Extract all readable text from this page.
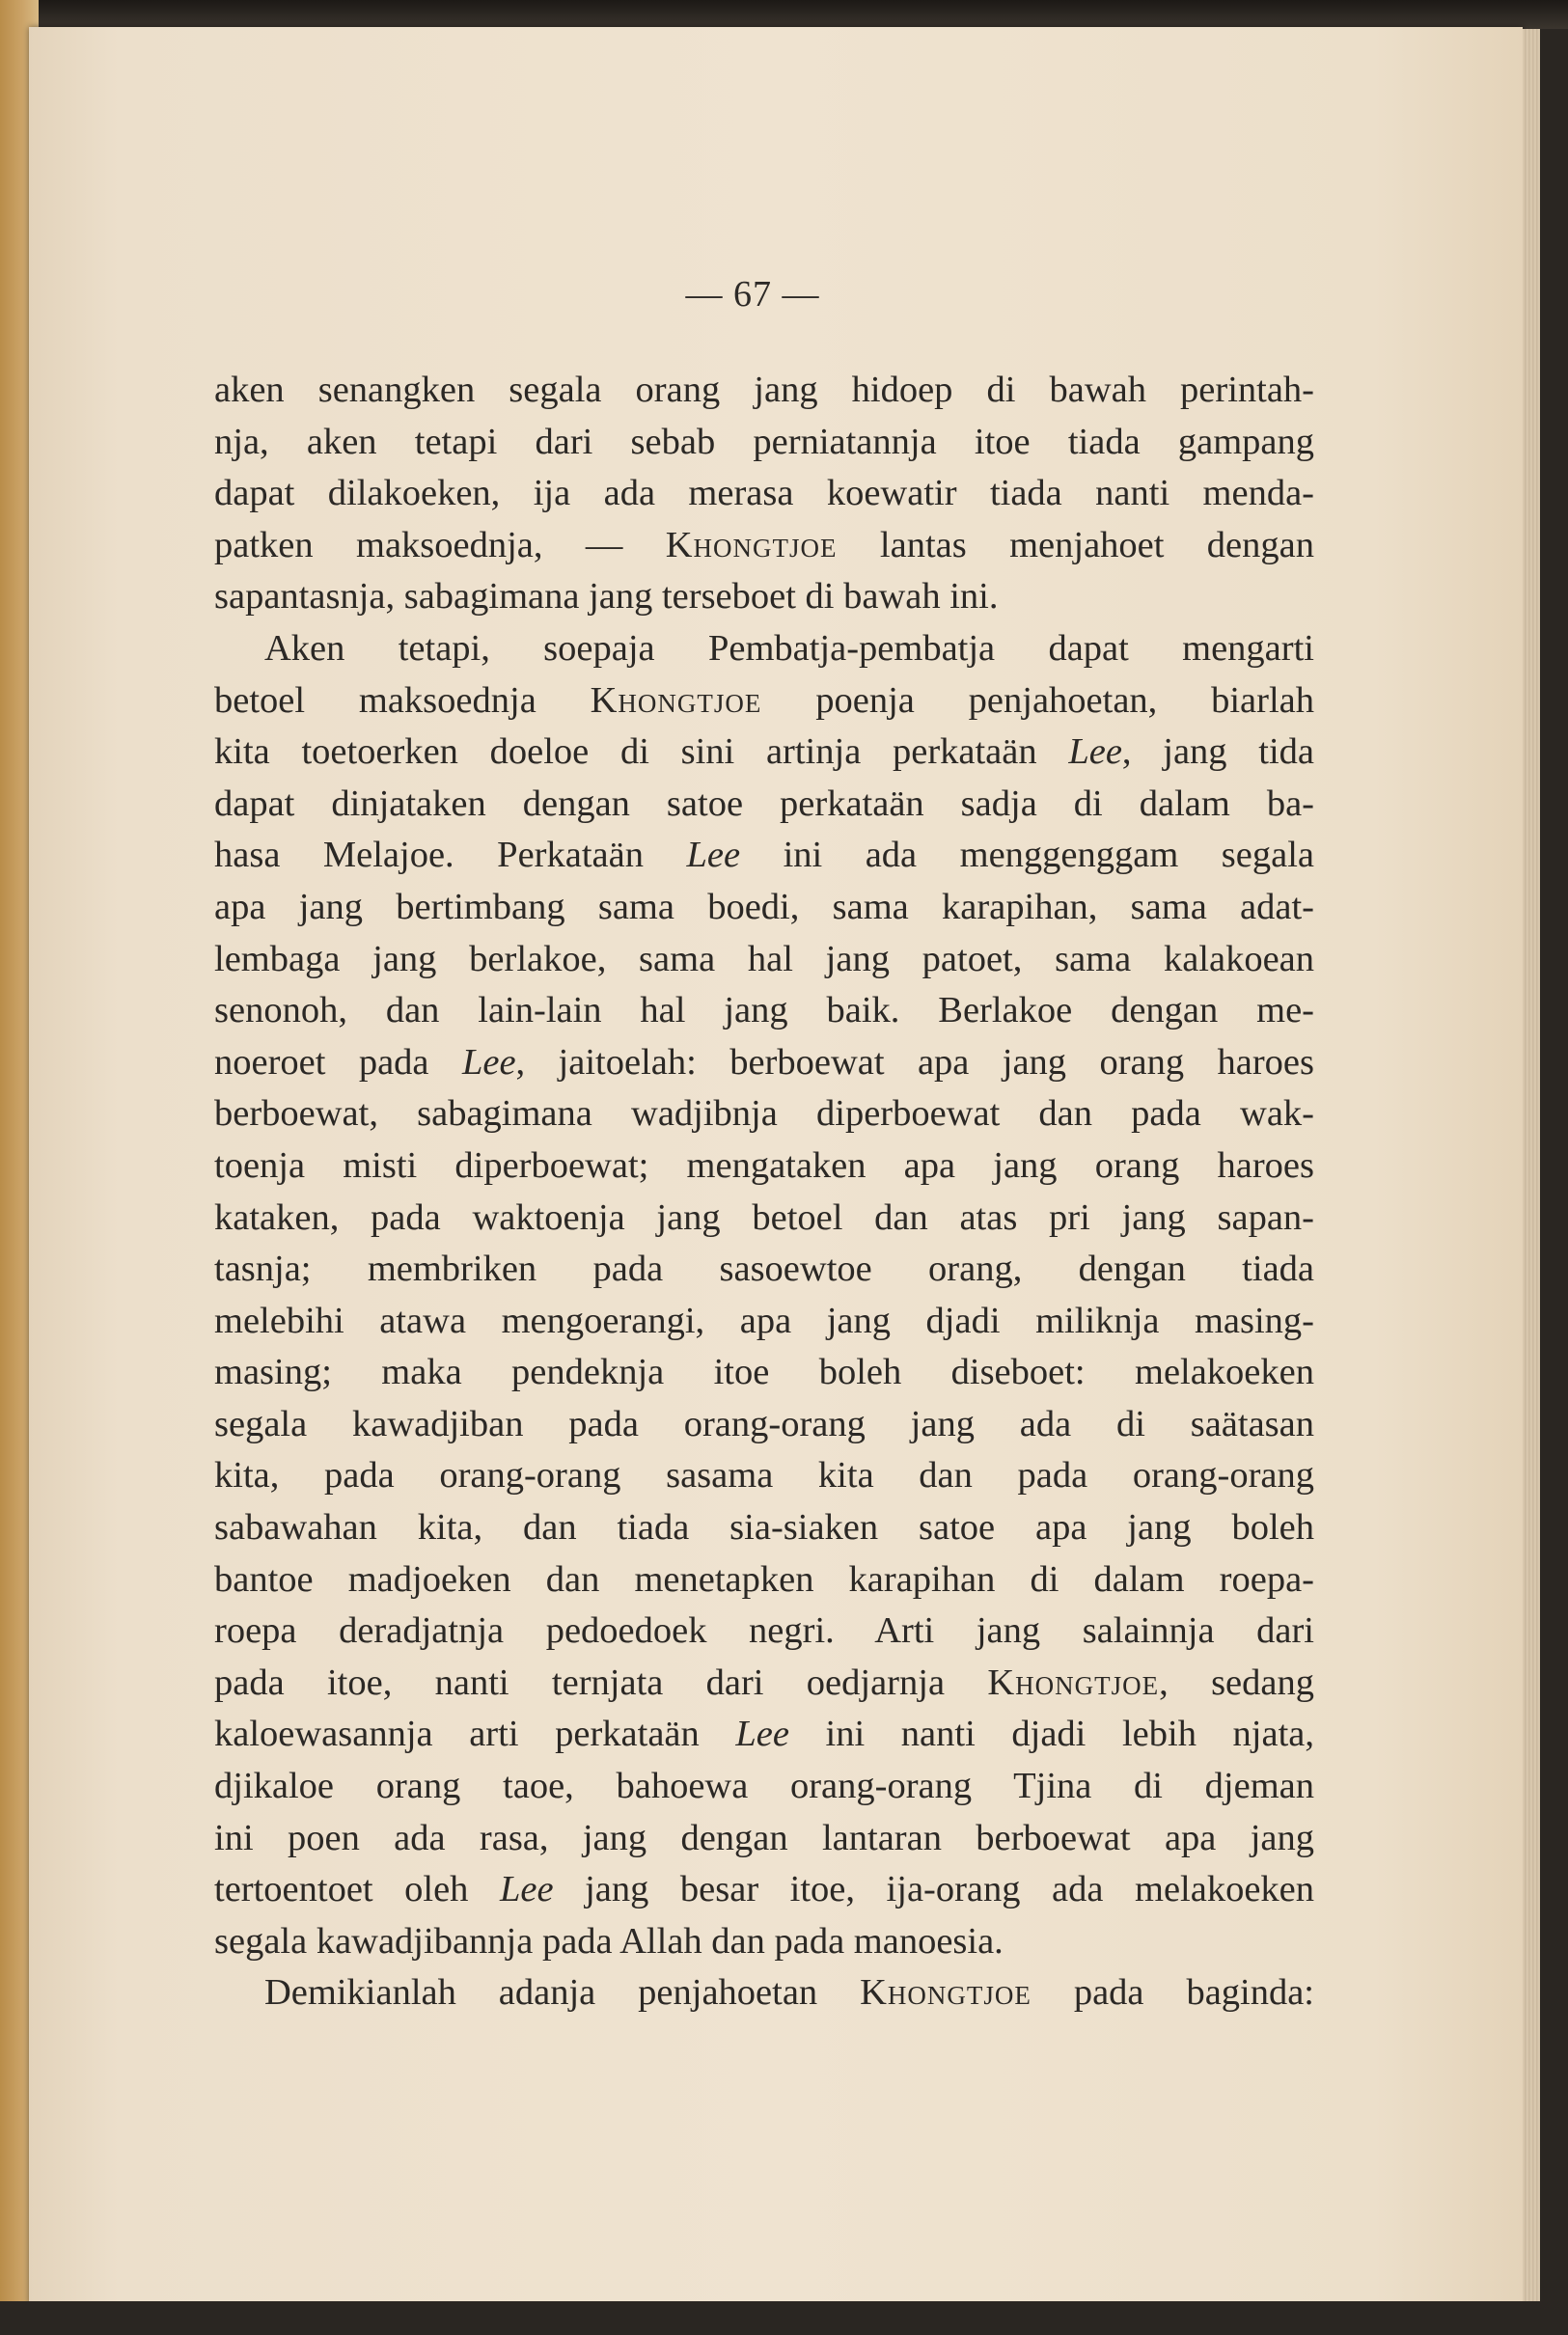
— 67 —
aken senangken segala orang jang hidoep di bawah perintah-
nja, aken tetapi dari sebab perniatannja itoe tiada gampang
dapat dilakoeken, ija ada merasa koewatir tiada nanti menda-
patken maksoednja, — Khongtjoe lantas menjahoet dengan
sapantasnja, sabagimana jang terseboet di bawah ini.
Aken tetapi, soepaja Pembatja-pembatja dapat mengarti
betoel maksoednja Khongtjoe poenja penjahoetan, biarlah
kita toetoerken doeloe di sini artinja perkataän Lee, jang tida
dapat dinjataken dengan satoe perkataän sadja di dalam ba-
hasa Melajoe. Perkataän Lee ini ada menggenggam segala
apa jang bertimbang sama boedi, sama karapihan, sama adat-
lembaga jang berlakoe, sama hal jang patoet, sama kalakoean
senonoh, dan lain-lain hal jang baik. Berlakoe dengan me-
noeroet pada Lee, jaitoelah: berboewat apa jang orang haroes
berboewat, sabagimana wadjibnja diperboewat dan pada wak-
toenja misti diperboewat; mengataken apa jang orang haroes
kataken, pada waktoenja jang betoel dan atas pri jang sapan-
tasnja; membriken pada sasoewtoe orang, dengan tiada
melebihi atawa mengoerangi, apa jang djadi miliknja masing-
masing; maka pendeknja itoe boleh diseboet: melakoeken
segala kawadjiban pada orang-orang jang ada di saätasan
kita, pada orang-orang sasama kita dan pada orang-orang
sabawahan kita, dan tiada sia-siaken satoe apa jang boleh
bantoe madjoeken dan menetapken karapihan di dalam roepa-
roepa deradjatnja pedoedoek negri. Arti jang salainnja dari
pada itoe, nanti ternjata dari oedjarnja Khongtjoe, sedang
kaloewasannja arti perkataän Lee ini nanti djadi lebih njata,
djikaloe orang taoe, bahoewa orang-orang Tjina di djeman
ini poen ada rasa, jang dengan lantaran berboewat apa jang
tertoentoet oleh Lee jang besar itoe, ija-orang ada melakoeken
segala kawadjibannja pada Allah dan pada manoesia.
Demikianlah adanja penjahoetan Khongtjoe pada baginda:
